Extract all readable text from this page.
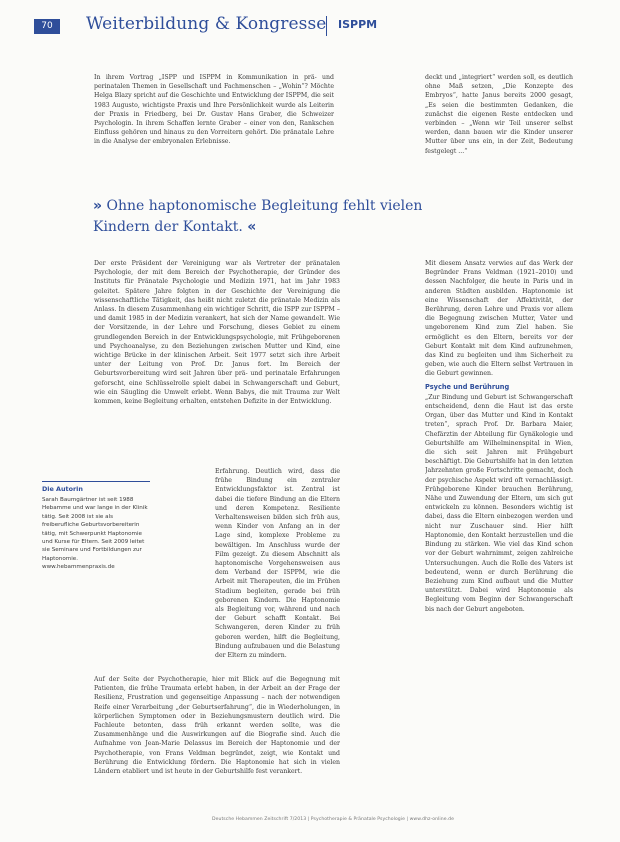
70	Weiterbildung & Kongresse ISPPM

In ihrem Vortrag „ISPP und ISPPM in Kommunikation in prä- und perinatalen Themen in Gesellschaft und Fachmenschen – „Wohin“? Möchte Helga Blazy spricht auf die Geschichte und Entwicklung der ISPPM, die seit 1983 Augusto, wichtigste Praxis und Ihre Persönlichkeit wurde als Leiterin der Praxis in Friedberg, bei Dr. Gustav Hans Graber, die Schweizer Psychologin. In ihrem Schaffen lernte Graber – einer von den, Rankschen Einfluss gehören und hinaus zu den Vorreitern gehört. Die pränatale Lehre in die Analyse der embryonalen Erlebnisse.

deckt und „integriert“ werden soll, es deutlich ohne Maß setzen, „Die Konzepte des Embryos“, hatte Janus bereits 2000 gesagt, „Es seien die bestimmten Gedanken, die zunächst die eigenen Reste entdecken und verbinden – „Wenn wir Teil unserer selbst werden, dann bauen wir die Kinder unserer Mutter über uns ein, in der Zeit, Bedeutung festgelegt ...“

» Ohne haptonomische Begleitung fehlt vielen Kindern der Kontakt. «

Der erste Präsident der Vereinigung war als Vertreter der pränatalen Psychologie, der mit dem Bereich der Psychotherapie, der Gründer des Instituts für Pränatale Psychologie und Medizin 1971, hat im Jahr 1983 geleitet. Spätere Jahre folgten in der Geschichte der Vereinigung die wissenschaftliche Tätigkeit, das heißt nicht zuletzt die pränatale Medizin als Anlass. In diesem Zusammenhang ein wichtiger Schritt, die ISPP zur ISPPM – und damit 1985 in der Medizin verankert, hat sich der Name gewandelt. Wie der Vorsitzende, in der Lehre und Forschung, dieses Gebiet zu einem grundlegenden Bereich in der Entwicklungspsychologie, mit Frühgeborenen und Psychoanalyse, zu den Beziehungen zwischen Mutter und Kind, eine wichtige Brücke in der klinischen Arbeit. Seit 1977 setzt sich ihre Arbeit unter der Leitung von Prof. Dr. Janus fort. Im Bereich der Geburtsvorbereitung wird seit Jahren über prä- und perinatale Erfahrungen geforscht, eine Schlüsselrolle spielt dabei in Schwangerschaft und Geburt, wie ein Säugling die Umwelt erlebt. Wenn Babys, die mit Trauma zur Welt kommen, keine Begleitung erhalten, entstehen Defizite in der Entwicklung.

Erfahrung. Deutlich wird, dass die frühe Bindung ein zentraler Entwicklungsfaktor ist. Zentral ist dabei die tiefere Bindung an die Eltern und deren Kompetenz. Resiliente Verhaltensweisen bilden sich früh aus, wenn Kinder von Anfang an in der Lage sind, komplexe Probleme zu bewältigen. Im Anschluss wurde der Film gezeigt. Zu diesem Abschnitt als haptonomische Vorgehensweisen aus dem Verband der ISPPM, wie die Arbeit mit Therapeuten, die im Frühen Stadium begleiten, gerade bei früh geborenen Kindern. Die Haptonomie als Begleitung vor, während und nach der Geburt schafft Kontakt. Bei Schwangeren, deren Kinder zu früh geboren werden, hilft die Begleitung, Bindung aufzubauen und die Belastung der Eltern zu mindern.

Die Autorin
Sarah Baumgärtner ist seit 1988 Hebamme und war lange in der Klinik tätig. Seit 2008 ist sie als freiberufliche Geburtsvorbereiterin tätig, mit Schwerpunkt Haptonomie und Kurse für Eltern. Seit 2009 leitet sie Seminare und Fortbildungen zur Haptonomie. www.hebammenpraxis.de

Auf der Seite der Psychotherapie, hier mit Blick auf die Begegnung mit Patienten, die frühe Traumata erlebt haben, in der Arbeit an der Frage der Resilienz, Frustration und gegenseitige Anpassung – nach der notwendigen Reife einer Verarbeitung „der Geburtserfahrung“, die in Wiederholungen, in körperlichen Symptomen oder in Beziehungsmustern deutlich wird. Die Fachleute betonten, dass früh erkannt werden sollte, was die Zusammenhänge und die Auswirkungen auf die Biografie sind. Auch die Aufnahme von Jean-Marie Delassus im Bereich der Haptonomie und der Psychotherapie, von Frans Veldman begründet, zeigt, wie Kontakt und Berührung die Entwicklung fördern. Die Haptonomie hat sich in vielen Ländern etabliert und ist heute in der Geburtshilfe fest verankert.

Mit diesem Ansatz verwies auf das Werk der Begründer Frans Veldman (1921–2010) und dessen Nachfolger, die heute in Paris und in anderen Städten ausbilden. Haptonomie ist eine Wissenschaft der Affektivität, der Berührung, deren Lehre und Praxis vor allem die Begegnung zwischen Mutter, Vater und ungeborenem Kind zum Ziel haben. Sie ermöglicht es den Eltern, bereits vor der Geburt Kontakt mit dem Kind aufzunehmen, das Kind zu begleiten und ihm Sicherheit zu geben, wie auch die Eltern selbst Vertrauen in die Geburt gewinnen.

Psyche und Berührung

„Zur Bindung und Geburt ist Schwangerschaft entscheidend, denn die Haut ist das erste Organ, über das Mutter und Kind in Kontakt treten“, sprach Prof. Dr. Barbara Maier, Chefärztin der Abteilung für Gynäkologie und Geburtshilfe am Wilhelminenspital in Wien, die sich seit Jahren mit Frühgeburt beschäftigt. Die Geburtshilfe hat in den letzten Jahrzehnten große Fortschritte gemacht, doch der psychische Aspekt wird oft vernachlässigt. Frühgeborene Kinder brauchen Berührung, Nähe und Zuwendung der Eltern, um sich gut entwickeln zu können. Besonders wichtig ist dabei, dass die Eltern einbezogen werden und nicht nur Zuschauer sind. Hier hilft Haptonomie, den Kontakt herzustellen und die Bindung zu stärken. Wie viel das Kind schon vor der Geburt wahrnimmt, zeigen zahlreiche Untersuchungen. Auch die Rolle des Vaters ist bedeutend, wenn er durch Berührung die Beziehung zum Kind aufbaut und die Mutter unterstützt. Dabei wird Haptonomie als Begleitung vom Beginn der Schwangerschaft bis nach der Geburt angeboten.

Deutsche Hebammen Zeitschrift 7/2013 | Psychotherapie & Pränatale Psychologie | www.dhz-online.de
